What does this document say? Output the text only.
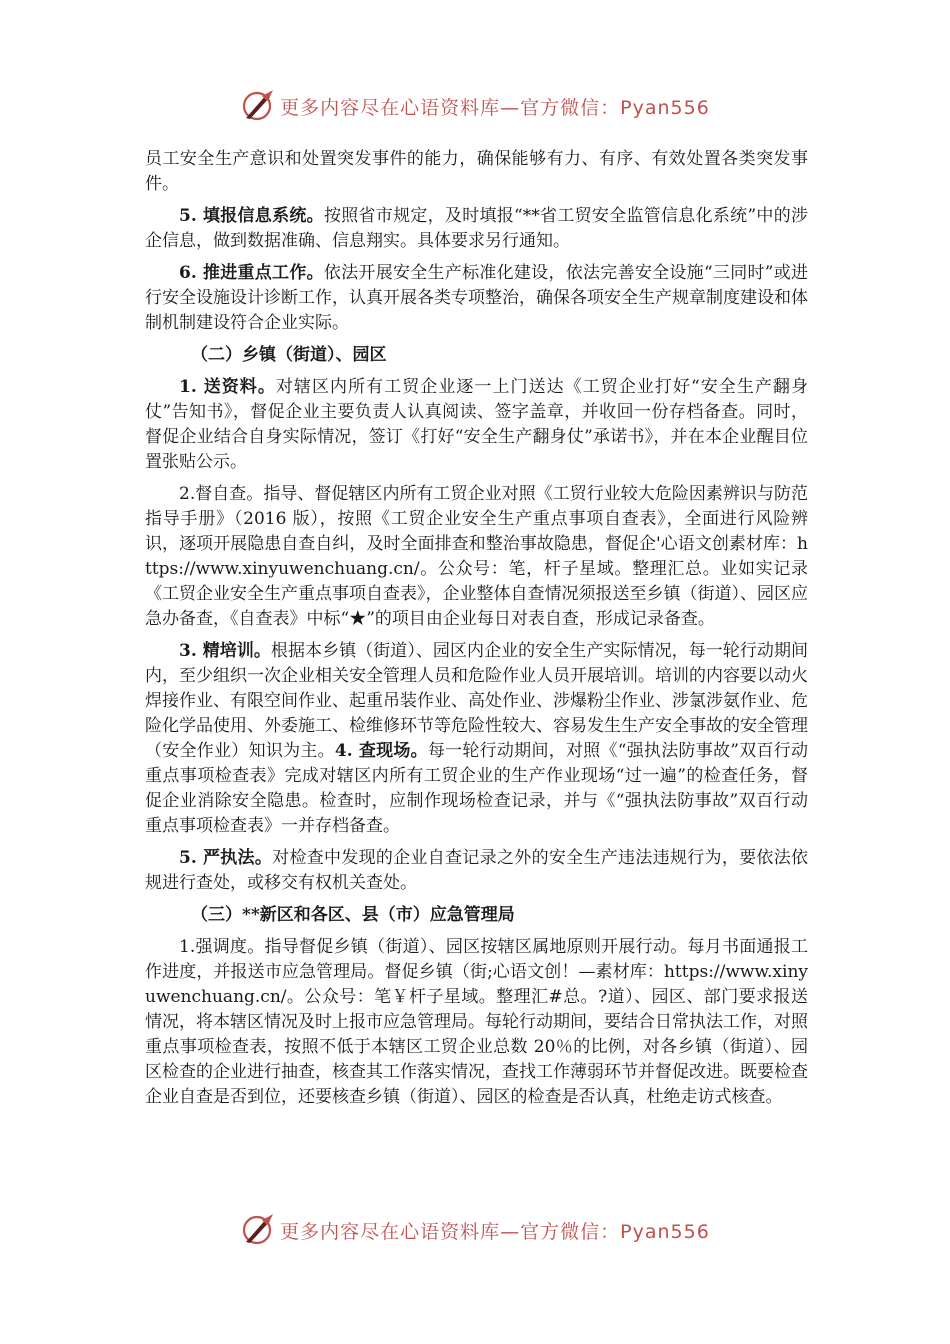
更多内容尽在心语资料库—官方微信：Pyan556

员工安全生产意识和处置突发事件的能力，确保能够有力、有序、有效处置各类突发事件。

5. 填报信息系统。按照省市规定，及时填报“**省工贸安全监管信息化系统”中的涉企信息，做到数据准确、信息翔实。具体要求另行通知。

6. 推进重点工作。依法开展安全生产标准化建设，依法完善安全设施“三同时”或进行安全设施设计诊断工作，认真开展各类专项整治，确保各项安全生产规章制度建设和体制机制建设符合企业实际。

（二）乡镇（街道）、园区

1. 送资料。对辖区内所有工贸企业逐一上门送达《工贸企业打好“安全生产翻身仗”告知书》，督促企业主要负责人认真阅读、签字盖章，并收回一份存档备查。同时，督促企业结合自身实际情况，签订《打好“安全生产翻身仗”承诺书》，并在本企业醒目位置张贴公示。

2.督自查。指导、督促辖区内所有工贸企业对照《工贸行业较大危险因素辨识与防范指导手册》（2016 版），按照《工贸企业安全生产重点事项自查表》，全面进行风险辨识，逐项开展隐患自查自纠，及时全面排查和整治事故隐患，督促企'心语文创素材库：https://www.xinyuwenchuang.cn/。公众号：笔，杆子星域。整理汇总。业如实记录《工贸企业安全生产重点事项自查表》，企业整体自查情况须报送至乡镇（街道）、园区应急办备查，《自查表》中标“★”的项目由企业每日对表自查，形成记录备查。

3. 精培训。根据本乡镇（街道）、园区内企业的安全生产实际情况，每一轮行动期间内，至少组织一次企业相关安全管理人员和危险作业人员开展培训。培训的内容要以动火焊接作业、有限空间作业、起重吊装作业、高处作业、涉爆粉尘作业、涉氯涉氨作业、危险化学品使用、外委施工、检维修环节等危险性较大、容易发生生产安全事故的安全管理（安全作业）知识为主。4. 查现场。每一轮行动期间，对照《“强执法防事故”双百行动重点事项检查表》完成对辖区内所有工贸企业的生产作业现场“过一遍”的检查任务，督促企业消除安全隐患。检查时，应制作现场检查记录，并与《“强执法防事故”双百行动重点事项检查表》一并存档备查。

5. 严执法。对检查中发现的企业自查记录之外的安全生产违法违规行为，要依法依规进行查处，或移交有权机关查处。

（三）**新区和各区、县（市）应急管理局

1.强调度。指导督促乡镇（街道）、园区按辖区属地原则开展行动。每月书面通报工作进度，并报送市应急管理局。督促乡镇（街;心语文创！—素材库：https://www.xinyuwenchuang.cn/。公众号：笔￥杆子星域。整理汇#总。?道）、园区、部门要求报送情况，将本辖区情况及时上报市应急管理局。每轮行动期间，要结合日常执法工作，对照重点事项检查表，按照不低于本辖区工贸企业总数 20％的比例，对各乡镇（街道）、园区检查的企业进行抽查，核查其工作落实情况，查找工作薄弱环节并督促改进。既要检查企业自查是否到位，还要核查乡镇（街道）、园区的检查是否认真，杜绝走访式核查。

更多内容尽在心语资料库—官方微信：Pyan556
